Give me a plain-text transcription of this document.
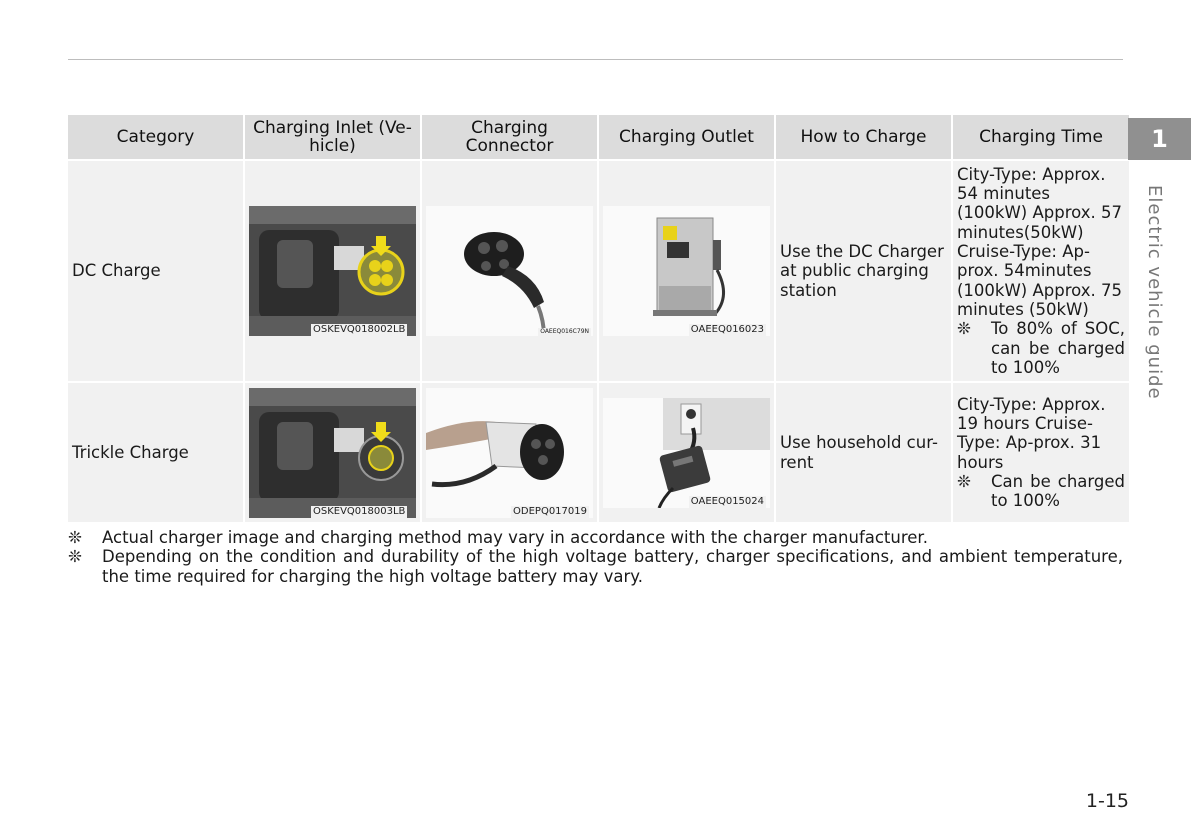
Category	Charging Inlet (Ve-hicle)	Charging Connector	Charging Outlet	How to Charge	Charging Time
DC Charge	OSKEVQ018002LB	OAEEQ016C79N	OAEEQ016023	Use the DC Charger at public charging station	City-Type: Approx. 54 minutes (100kW) Approx. 57 minutes(50kW) Cruise-Type: Ap-prox. 54minutes (100kW) Approx. 75 minutes (50kW)
❊ To 80% of SOC, can be charged to 100%

Trickle Charge	OSKEVQ018003LB	ODEPQ017019	OAEEQ015024	Use household cur-rent	City-Type: Approx. 19 hours Cruise-Type: Ap-prox. 31 hours
❊ Can be charged to 100%
❊	Actual charger image and charging method may vary in accordance with the charger manufacturer.
❊	Depending on the condition and durability of the high voltage battery, charger specifications, and ambient temperature, the time required for charging the high voltage battery may vary.
1
Electric vehicle guide
1-15
